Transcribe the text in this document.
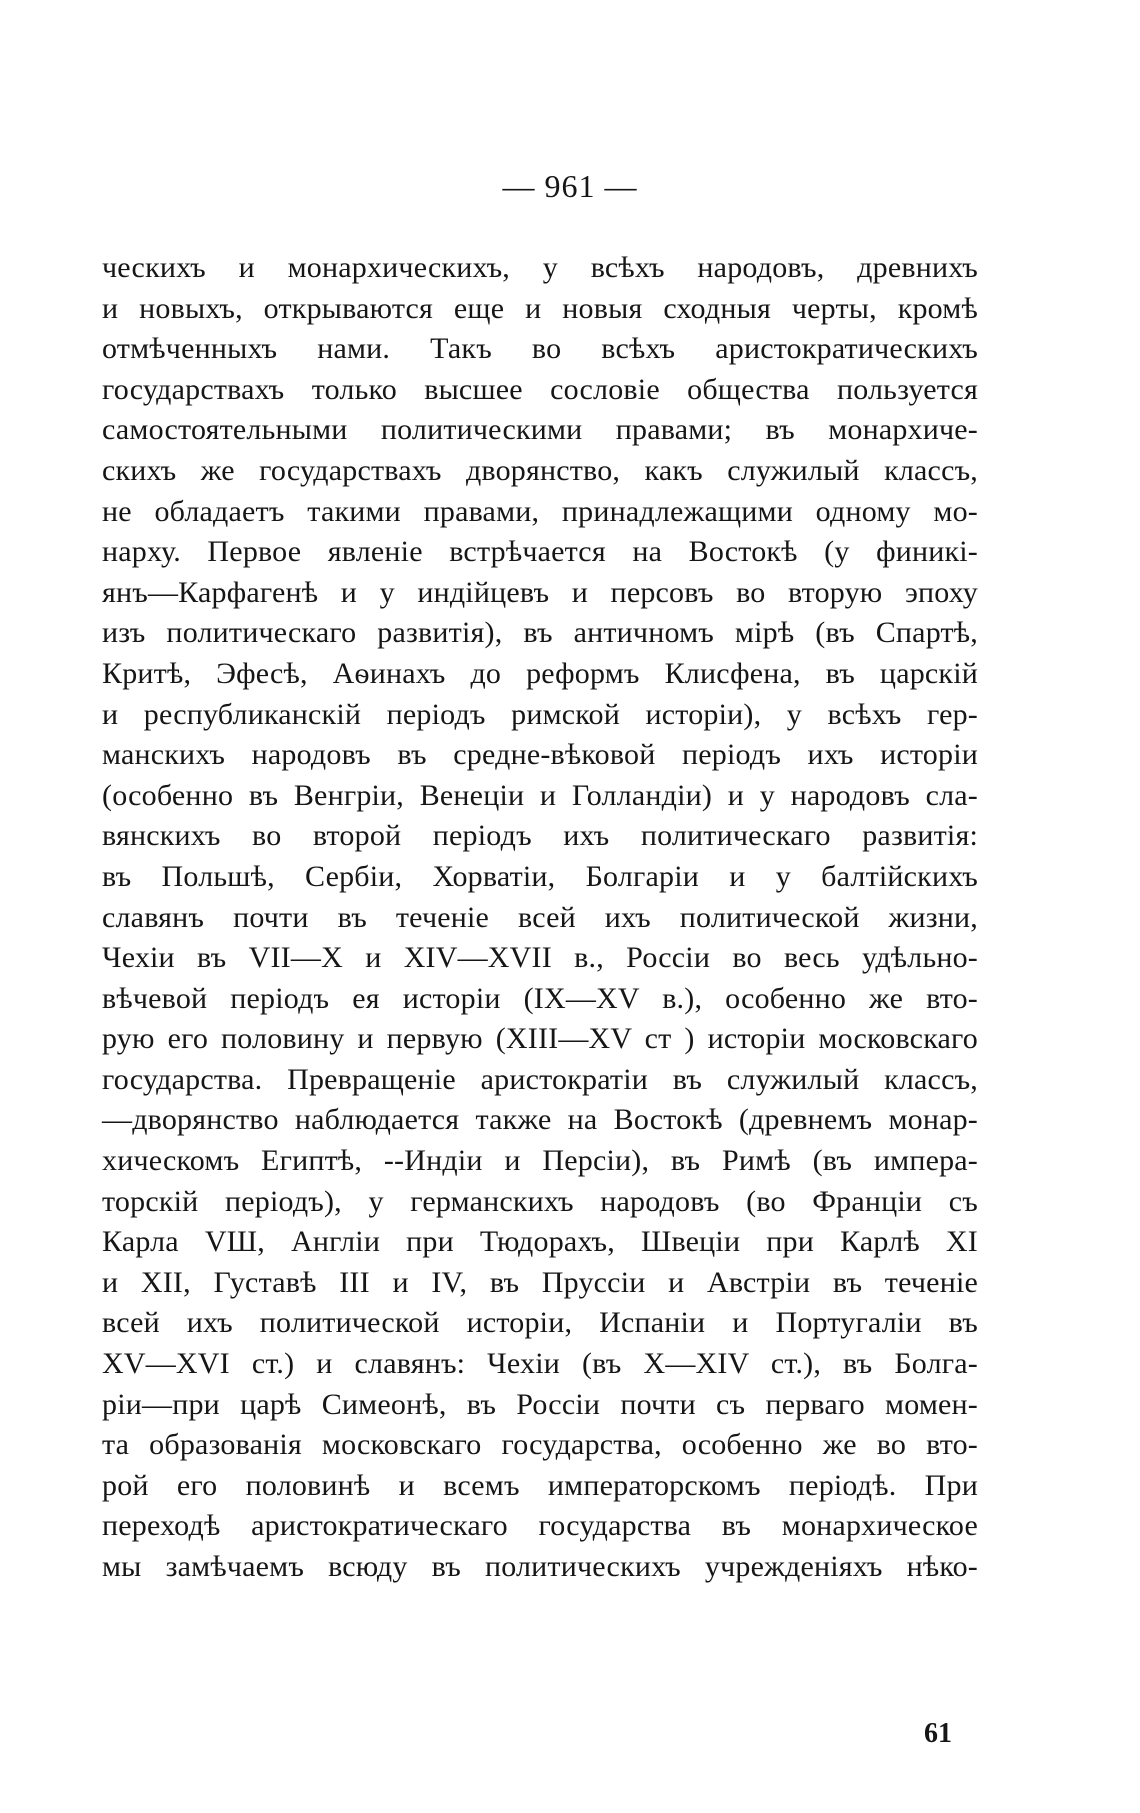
— 961 —
ческихъ и монархическихъ, у всѣхъ народовъ, древнихъ
и новыхъ, открываются еще и новыя сходныя черты, кромѣ
отмѣченныхъ нами. Такъ во всѣхъ аристократическихъ
государствахъ только высшее сословіе общества пользуется
самостоятельными политическими правами; въ монархиче-
скихъ же государствахъ дворянство, какъ служилый классъ,
не обладаетъ такими правами, принадлежащими одному мо-
нарху. Первое явленіе встрѣчается на Востокѣ (у финикі-
янъ—Карфагенѣ и у индійцевъ и персовъ во вторую эпоху
изъ политическаго развитія), въ античномъ мірѣ (въ Спартѣ,
Критѣ, Эфесѣ, Аѳинахъ до реформъ Клисфена, въ царскій
и республиканскій періодъ римской исторіи), у всѣхъ гер-
манскихъ народовъ въ средне-вѣковой періодъ ихъ исторіи
(особенно въ Венгріи, Венеціи и Голландіи) и у народовъ сла-
вянскихъ во второй періодъ ихъ политическаго развитія:
въ Польшѣ, Сербіи, Хорватіи, Болгаріи и у балтійскихъ
славянъ почти въ теченіе всей ихъ политической жизни,
Чехіи въ VII—X и XIV—XVII в., Россіи во весь удѣльно-
вѣчевой періодъ ея исторіи (IX—XV в.), особенно же вто-
рую его половину и первую (XIII—XV ст ) исторіи московскаго
государства. Превращеніе аристократіи въ служилый классъ,
—дворянство наблюдается также на Востокѣ (древнемъ монар-
хическомъ Египтѣ, --Индіи и Персіи), въ Римѣ (въ импера-
торскій періодъ), у германскихъ народовъ (во Франціи съ
Карла VШ, Англіи при Тюдорахъ, Швеціи при Карлѣ XI
и XII, Густавѣ III и IV, въ Пруссіи и Австріи въ теченіе
всей ихъ политической исторіи, Испаніи и Португаліи въ
XV—XVI ст.) и славянъ: Чехіи (въ X—XIV ст.), въ Болга-
ріи—при царѣ Симеонѣ, въ Россіи почти съ перваго момен-
та образованія московскаго государства, особенно же во вто-
рой его половинѣ и всемъ императорскомъ періодѣ. При
переходѣ аристократическаго государства въ монархическое
мы замѣчаемъ всюду въ политическихъ учрежденіяхъ нѣко-
61
